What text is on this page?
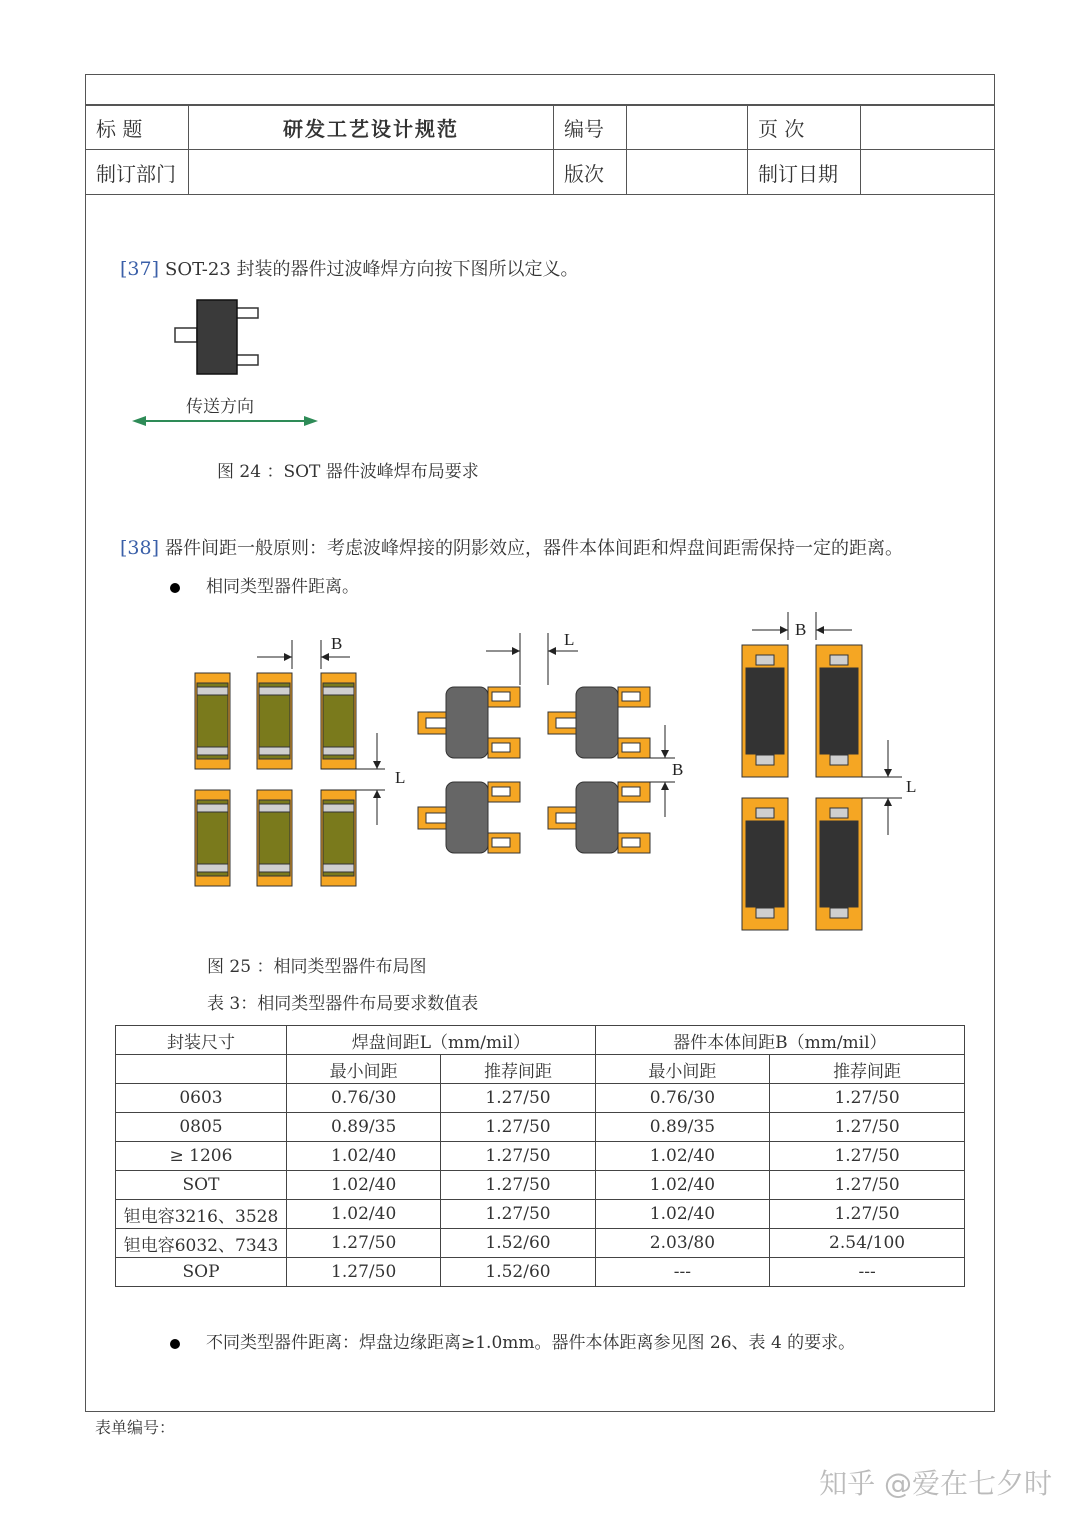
标 题	研发工艺设计规范	编号		页 次	
制订部门		版次		制订日期	
[37] SOT-23 封装的器件过波峰焊方向按下图所以定义。
传送方向
图 24 ：SOT 器件波峰焊布局要求
[38] 器件间距一般原则：考虑波峰焊接的阴影效应，器件本体间距和焊盘间距需保持一定的距离。
相同类型器件距离。
B
L
L
B
B
L
图 25 ：相同类型器件布局图
表 3：相同类型器件布局要求数值表
封装尺寸	焊盘间距L（mm/mil）		器件本体间距B（mm/mil）	
	最小间距	推荐间距	最小间距	推荐间距
0603	0.76/30	1.27/50	0.76/30	1.27/50
0805	0.89/35	1.27/50	0.89/35	1.27/50
≥ 1206	1.02/40	1.27/50	1.02/40	1.27/50
SOT	1.02/40	1.27/50	1.02/40	1.27/50
钽电容3216、3528	1.02/40	1.27/50	1.02/40	1.27/50
钽电容6032、7343	1.27/50	1.52/60	2.03/80	2.54/100
SOP	1.27/50	1.52/60	---	---
不同类型器件距离：焊盘边缘距离≥1.0mm。器件本体距离参见图 26、表 4 的要求。
表单编号：
知乎 @爱在七夕时
